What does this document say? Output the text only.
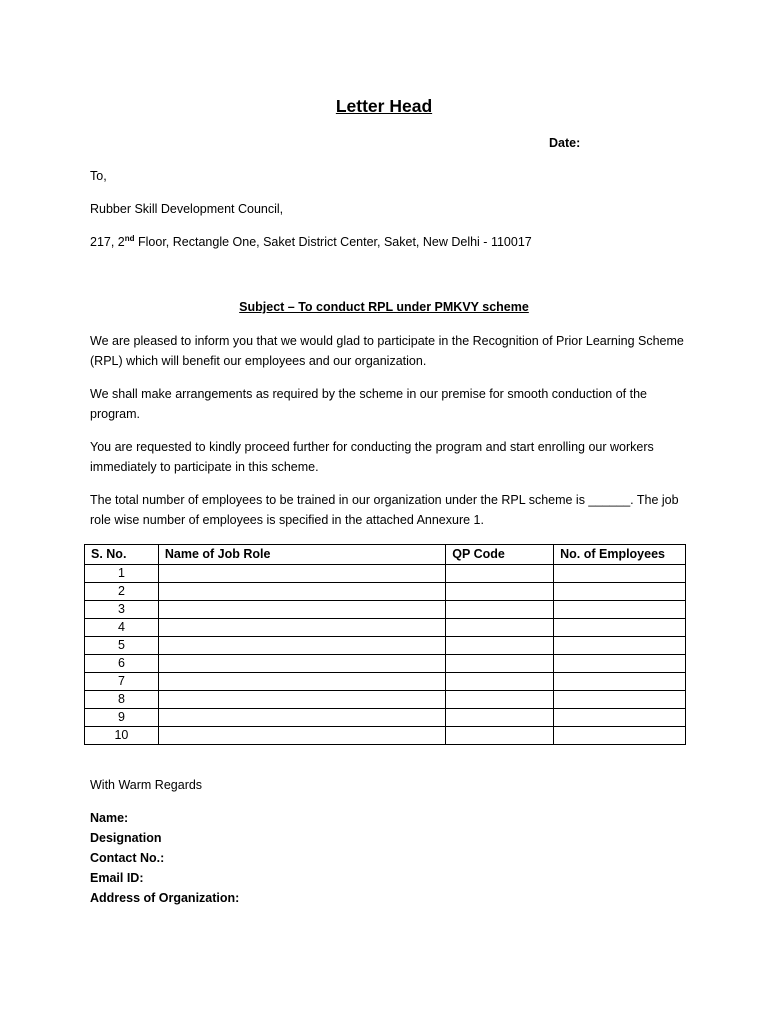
Letter Head
Date:
To,
Rubber Skill Development Council,
217, 2nd Floor, Rectangle One, Saket District Center, Saket, New Delhi - 110017
Subject – To conduct RPL under PMKVY scheme
We are pleased to inform you that we would glad to participate in the Recognition of Prior Learning Scheme (RPL) which will benefit our employees and our organization.
We shall make arrangements as required by the scheme in our premise for smooth conduction of the program.
You are requested to kindly proceed further for conducting the program and start enrolling our workers immediately to participate in this scheme.
The total number of employees to be trained in our organization under the RPL scheme is ______. The job role wise number of employees is specified in the attached Annexure 1.
S. No.	Name of Job Role	QP Code	No. of Employees
1			
2			
3			
4			
5			
6			
7			
8			
9			
10			
With Warm Regards
Name:
Designation
Contact No.:
Email ID:
Address of Organization:
